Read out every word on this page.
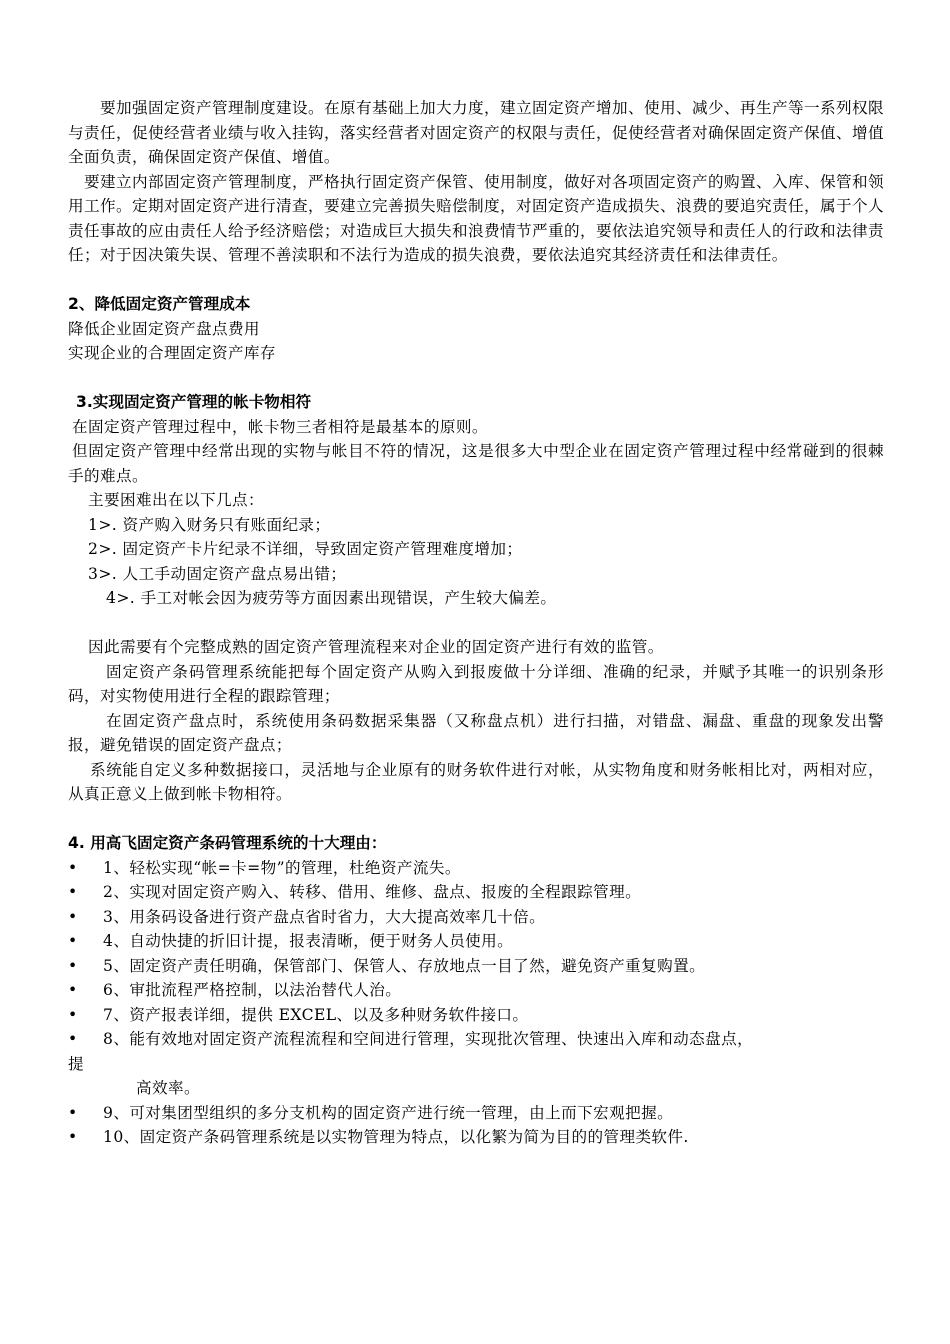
要加强固定资产管理制度建设。在原有基础上加大力度，建立固定资产增加、使用、减少、再生产等一系列权限与责任，促使经营者业绩与收入挂钩，落实经营者对固定资产的权限与责任，促使经营者对确保固定资产保值、增值全面负责，确保固定资产保值、增值。

要建立内部固定资产管理制度，严格执行固定资产保管、使用制度，做好对各项固定资产的购置、入库、保管和领用工作。定期对固定资产进行清查，要建立完善损失赔偿制度，对固定资产造成损失、浪费的要追究责任，属于个人责任事故的应由责任人给予经济赔偿；对造成巨大损失和浪费情节严重的，要依法追究领导和责任人的行政和法律责任；对于因决策失误、管理不善渎职和不法行为造成的损失浪费，要依法追究其经济责任和法律责任。

2、降低固定资产管理成本

降低企业固定资产盘点费用

实现企业的合理固定资产库存

3.实现固定资产管理的帐卡物相符

在固定资产管理过程中，帐卡物三者相符是最基本的原则。

但固定资产管理中经常出现的实物与帐目不符的情况，这是很多大中型企业在固定资产管理过程中经常碰到的很棘手的难点。

主要困难出在以下几点：

1>. 资产购入财务只有账面纪录；

2>. 固定资产卡片纪录不详细，导致固定资产管理难度增加；

3>. 人工手动固定资产盘点易出错；

4>. 手工对帐会因为疲劳等方面因素出现错误，产生较大偏差。

因此需要有个完整成熟的固定资产管理流程来对企业的固定资产进行有效的监管。

固定资产条码管理系统能把每个固定资产从购入到报废做十分详细、准确的纪录，并赋予其唯一的识别条形码，对实物使用进行全程的跟踪管理；

在固定资产盘点时，系统使用条码数据采集器（又称盘点机）进行扫描，对错盘、漏盘、重盘的现象发出警报，避免错误的固定资产盘点；

系统能自定义多种数据接口，灵活地与企业原有的财务软件进行对帐，从实物角度和财务帐相比对，两相对应，从真正意义上做到帐卡物相符。

4. 用高飞固定资产条码管理系统的十大理由：

•	1、轻松实现“帐=卡=物”的管理，杜绝资产流失。
•	2、实现对固定资产购入、转移、借用、维修、盘点、报废的全程跟踪管理。
•	3、用条码设备进行资产盘点省时省力，大大提高效率几十倍。
•	4、自动快捷的折旧计提，报表清晰，便于财务人员使用。
•	5、固定资产责任明确，保管部门、保管人、存放地点一目了然，避免资产重复购置。
•	6、审批流程严格控制，以法治替代人治。
•	7、资产报表详细，提供 EXCEL、以及多种财务软件接口。
•	8、能有效地对固定资产流程流程和空间进行管理，实现批次管理、快速出入库和动态盘点，
提
高效率。
•	9、可对集团型组织的多分支机构的固定资产进行统一管理，由上而下宏观把握。
•	10、固定资产条码管理系统是以实物管理为特点，以化繁为简为目的的管理类软件.
